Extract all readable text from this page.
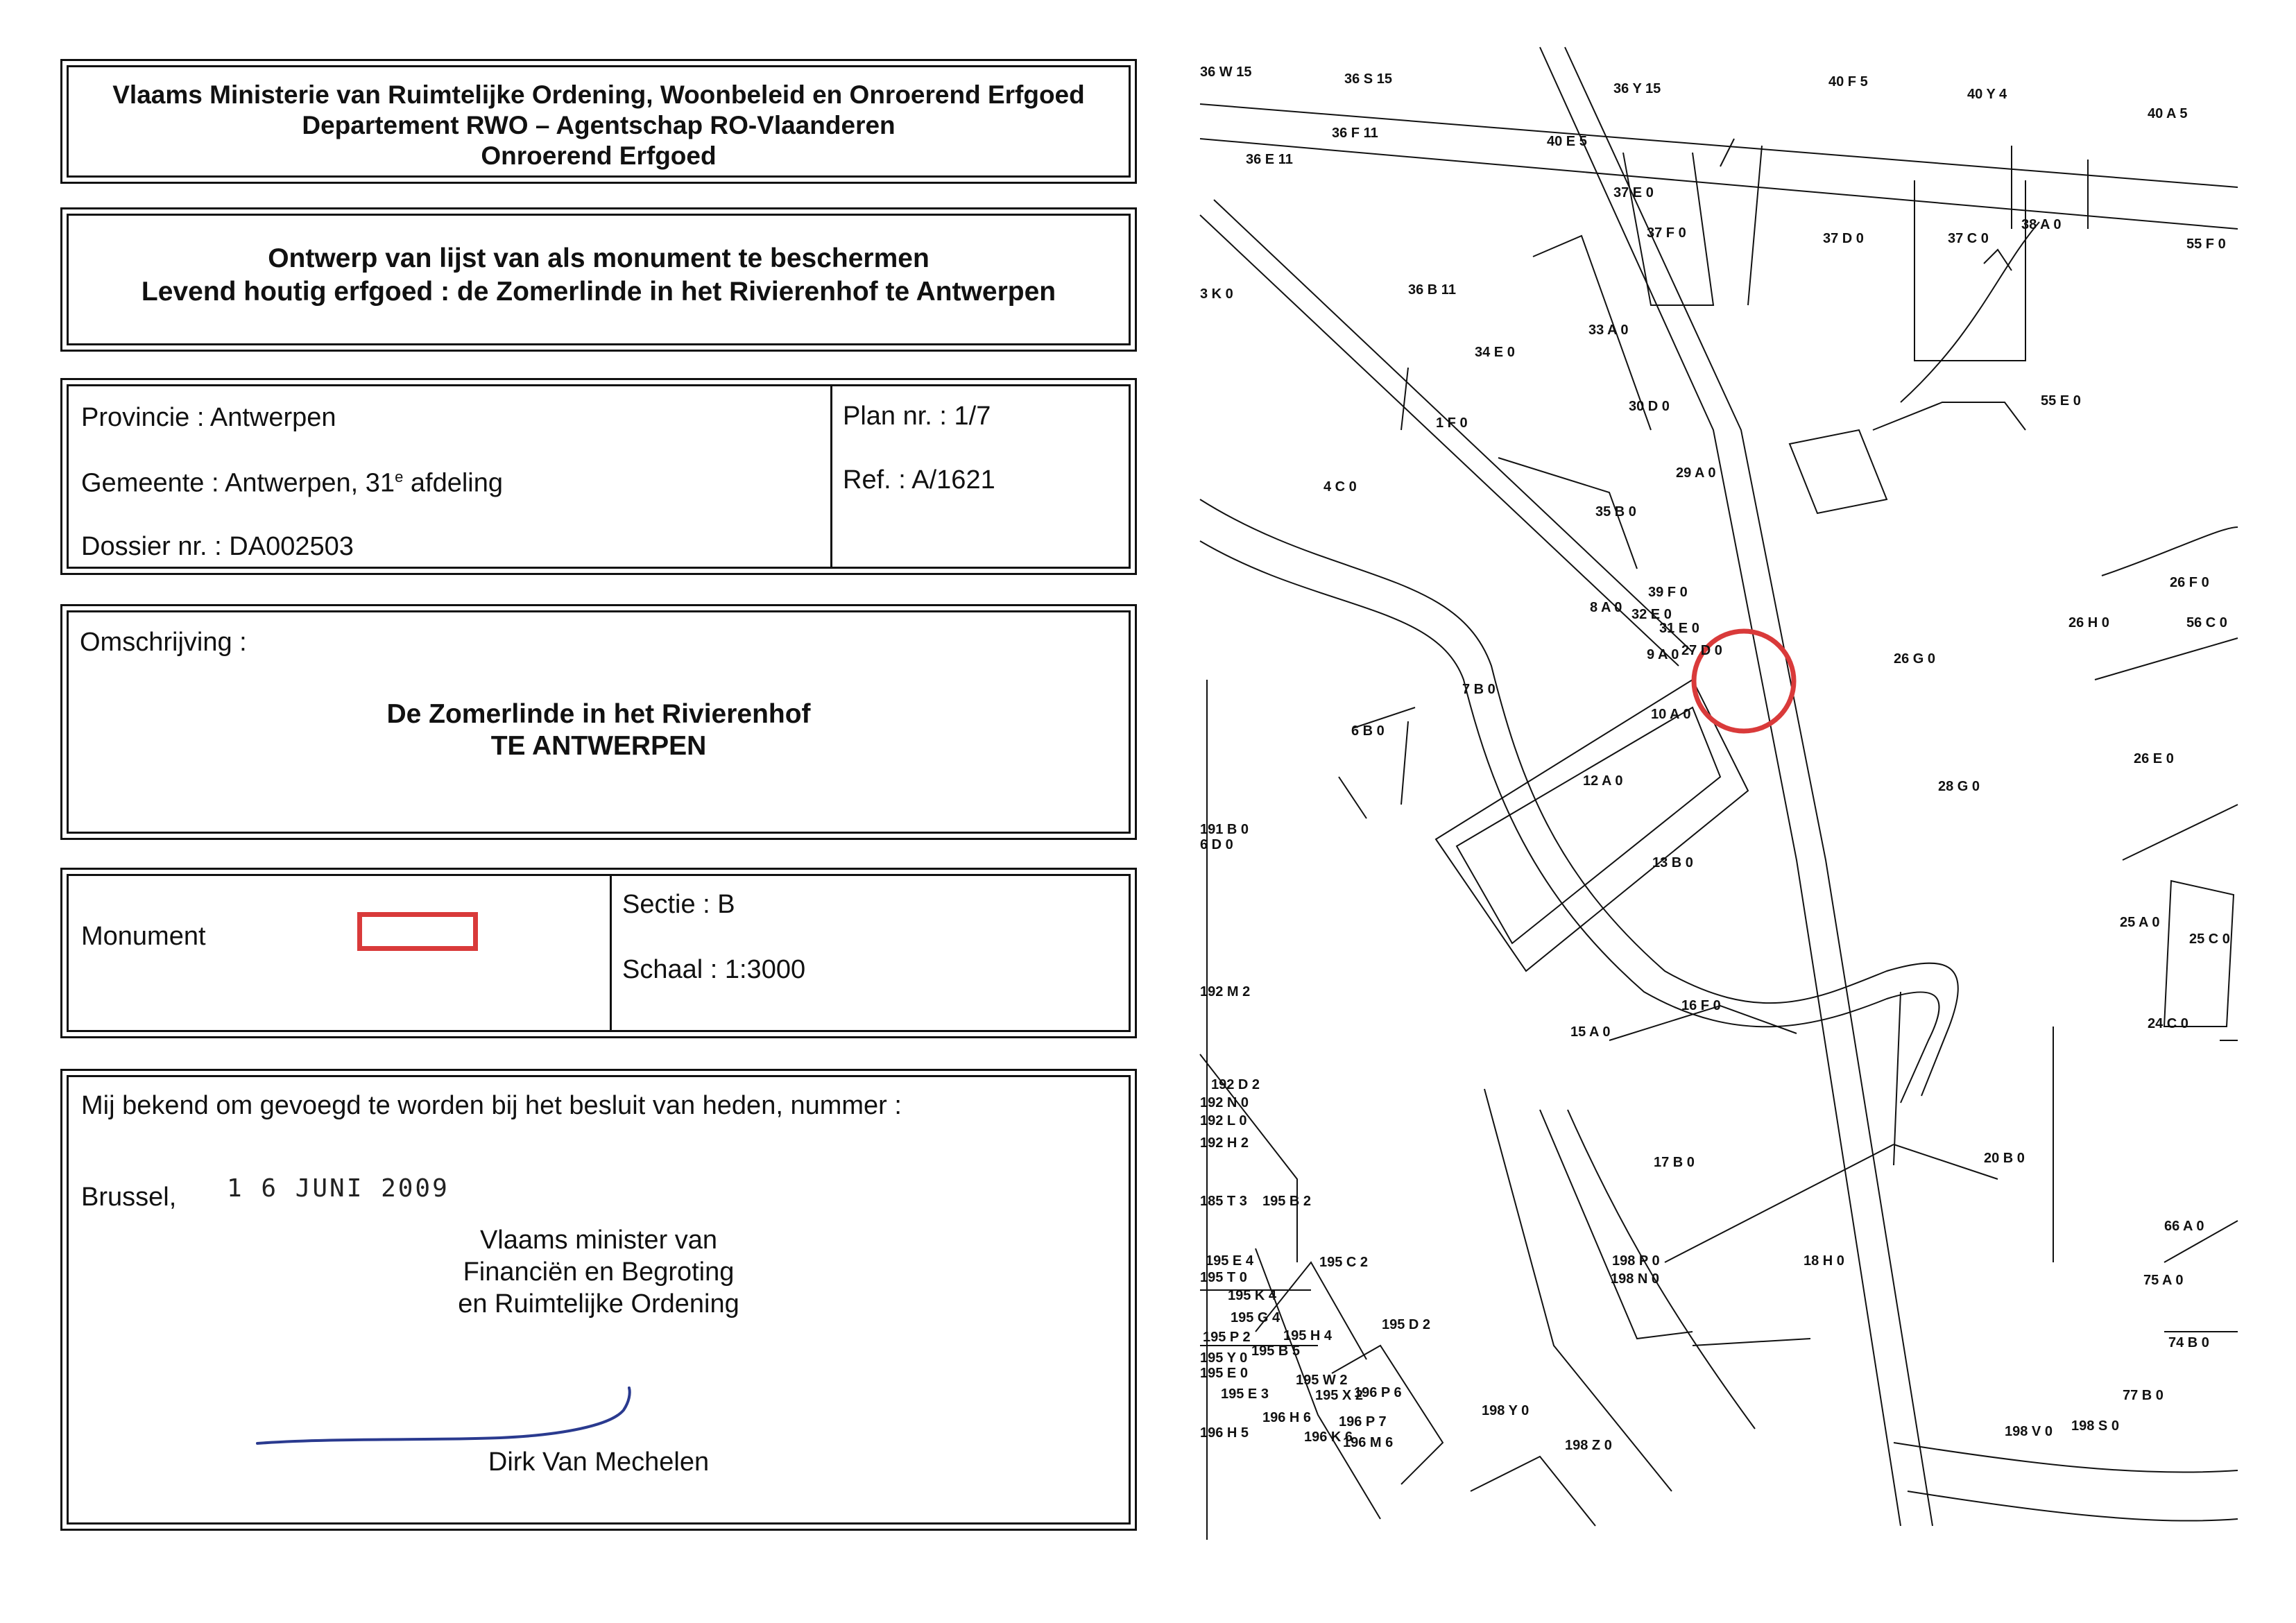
Vlaams Ministerie van Ruimtelijke Ordening, Woonbeleid en Onroerend Erfgoed
Departement RWO – Agentschap RO-Vlaanderen
Onroerend Erfgoed
Ontwerp van lijst van als monument te beschermen
Levend houtig erfgoed : de Zomerlinde in het Rivierenhof te Antwerpen
Provincie : Antwerpen
Gemeente : Antwerpen, 31e afdeling
Dossier nr. : DA002503
Plan nr. : 1/7
Ref. : A/1621
Omschrijving :
De Zomerlinde in het Rivierenhof
TE ANTWERPEN
Monument
Sectie : B
Schaal : 1:3000
Mij bekend om gevoegd te worden bij het besluit van heden, nummer :
Brussel, 1 6 JUNI 2009
Vlaams minister van
Financiën en Begroting
en Ruimtelijke Ordening
Dirk Van Mechelen
36 W 15	36 S 15
36 Y 15	40 F 5
40 Y 4
40 A 5
36 F 11
40 E 5
36 E 11
37 E 0
37 F 0	37 D 0	37 C 0
38 A 0
55 F 0
3 K 0	36 B 11
33 A 0
34 E 0
30 D 0	55 E 0
1 F 0
29 A 0
4 C 0
35 B 0
26 F 0
39 F 0
8 A 0 32 E 0
31 E 0	26 H 0	56 C 0
9 A 0 27 D 0
26 G 0
7 B 0
10 A 0
6 B 0
26 E 0
12 A 0	28 G 0
191 B 0
6 D 0
13 B 0
25 A 0
25 C 0
192 M 2
16 F 0
15 A 0
24 C 0
192 D 2
192 N 0
192 L 0
192 H 2
20 B 0
17 B 0
185 T 3 195 B 2
66 A 0
195 E 4
195 T 0
195 C 2	198 P 0
198 N 0
18 H 0
75 A 0
195 K 4
195 G 4	195 D 2
195 P 2 195 H 4	74 B 0
195 B 5
195 Y 0
195 E 0	195 W 2
195 E 3	195 X 2
196 P 6
198 Y 0
77 B 0
196 H 6 196 P 7
196 H 5	196 K 6
196 M 6	198 Z 0
198 V 0 198 S 0
